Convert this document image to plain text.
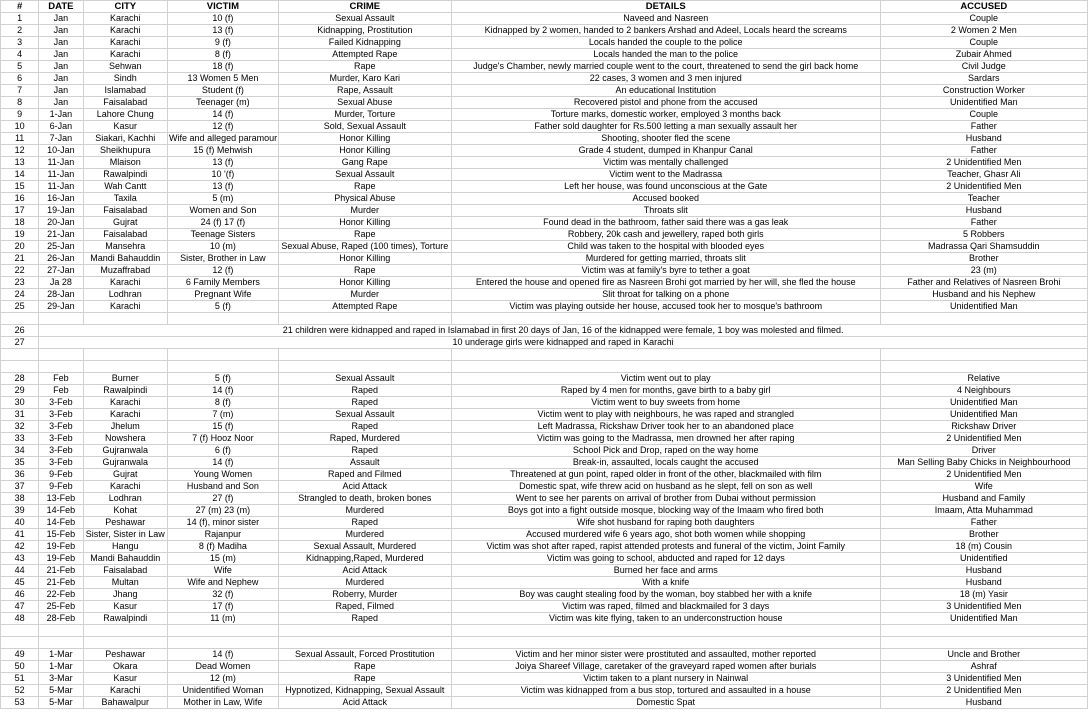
#	DATE	CITY	VICTIM	CRIME	DETAILS	ACCUSED
1	Jan	Karachi	10 (f)	Sexual Assault	Naveed and Nasreen	Couple
2	Jan	Karachi	13 (f)	Kidnapping, Prostitution	Kidnapped by 2 women, handed to 2 bankers Arshad and Adeel, Locals heard the screams	2 Women 2 Men
3	Jan	Karachi	9 (f)	Failed Kidnapping	Locals handed the couple to the police	Couple
4	Jan	Karachi	8 (f)	Attempted Rape	Locals handed the man to the police	Zubair Ahmed
5	Jan	Sehwan	18 (f)	Rape	Judge's Chamber, newly married couple went to the court, threatened to send the girl back home	Civil Judge
6	Jan	Sindh	13 Women 5 Men	Murder, Karo Kari	22 cases, 3 women and 3 men injured	Sardars
7	Jan	Islamabad	Student (f)	Rape, Assault	An educational Institution	Construction Worker
8	Jan	Faisalabad	Teenager (m)	Sexual Abuse	Recovered pistol and phone from the accused	Unidentified Man
9	1-Jan	Lahore Chung	14 (f)	Murder, Torture	Torture marks, domestic worker, employed 3 months back	Couple
10	6-Jan	Kasur	12 (f)	Sold, Sexual Assault	Father sold daughter for Rs.500 letting a man sexually assault her	Father
11	7-Jan	Siakari, Kachhi	Wife and alleged paramour	Honor Killing	Shooting, shooter fled the scene	Husband
12	10-Jan	Sheikhupura	15 (f) Mehwish	Honor Killing	Grade 4 student, dumped in Khanpur Canal	Father
13	11-Jan	Mlaison	13 (f)	Gang Rape	Victim was mentally challenged	2 Unidentified Men
14	11-Jan	Rawalpindi	10 '(f)	Sexual Assault	Victim went to the Madrassa	Teacher, Ghasr Ali
15	11-Jan	Wah Cantt	13 (f)	Rape	Left her house, was found unconscious at the Gate	2 Unidentified Men
16	16-Jan	Taxila	5 (m)	Physical Abuse	Accused booked	Teacher
17	19-Jan	Faisalabad	Women and Son	Murder	Throats slit	Husband
18	20-Jan	Gujrat	24 (f) 17 (f)	Honor Killing	Found dead in the bathroom, father said there was a gas leak	Father
19	21-Jan	Faisalabad	Teenage Sisters	Rape	Robbery, 20k cash and jewellery, raped both girls	5 Robbers
20	25-Jan	Mansehra	10 (m)	Sexual Abuse, Raped (100 times), Torture	Child was taken to the hospital with blooded eyes	Madrassa Qari Shamsuddin
21	26-Jan	Mandi Bahauddin	Sister, Brother in Law	Honor Killing	Murdered for getting married, throats slit	Brother
22	27-Jan	Muzaffrabad	12 (f)	Rape	Victim was at family's byre to tether a goat	23 (m)
23	Ja 28	Karachi	6 Family Members	Honor Killing	Entered the house and opened fire as Nasreen Brohi got married by her will, she fled the house	Father and Relatives of Nasreen Brohi
24	28-Jan	Lodhran	Pregnant Wife	Murder	Slit throat for talking on a phone	Husband and his Nephew
25	29-Jan	Karachi	5 (f)	Attempted Rape	Victim was playing outside her house, accused took her to mosque's bathroom	Unidentified Man

26	21 children were kidnapped and raped in Islamabad in first 20 days of Jan, 16 of the kidnapped were female, 1 boy was molested and filmed.					
27	10 underage girls were kidnapped and raped in Karachi					

28	Feb	Burner	5 (f)	Sexual Assault	Victim went out to play	Relative
29	Feb	Rawalpindi	14 (f)	Raped	Raped by 4 men for months, gave birth to a baby girl	4 Neighbours
30	3-Feb	Karachi	8 (f)	Raped	Victim went to buy sweets from home	Unidentified Man
31	3-Feb	Karachi	7 (m)	Sexual Assault	Victim went to play with neighbours, he was raped and strangled	Unidentified Man
32	3-Feb	Jhelum	15 (f)	Raped	Left Madrassa, Rickshaw Driver took her to an abandoned place	Rickshaw Driver
33	3-Feb	Nowshera	7 (f) Hooz Noor	Raped, Murdered	Victim was going to the Madrassa, men drowned her after raping	2 Unidentified Men
34	3-Feb	Gujranwala	6 (f)	Raped	School Pick and Drop, raped on the way home	Driver
35	3-Feb	Gujranwala	14 (f)	Assault	Break-in, assaulted, locals caught the accused	Man Selling Baby Chicks in Neighbourhood
36	9-Feb	Gujrat	Young Women	Raped and Filmed	Threatened at gun point, raped older in front of the other, blackmailed with film	2 Unidentified Men
37	9-Feb	Karachi	Husband and Son	Acid Attack	Domestic spat, wife threw acid on husband as he slept, fell on son as well	Wife
38	13-Feb	Lodhran	27 (f)	Strangled to death, broken bones	Went to see her parents on arrival of brother from Dubai without permission	Husband and Family
39	14-Feb	Kohat	27 (m) 23 (m)	Murdered	Boys got into a fight outside mosque, blocking way of the Imaam who fired both	Imaam, Atta Muhammad
40	14-Feb	Peshawar	14 (f), minor sister	Raped	Wife shot husband for raping both daughters	Father
41	15-Feb	Sister, Sister in Law	Rajanpur	Murdered	Accused murdered wife 6 years ago, shot both women while shopping	Brother
42	19-Feb	Hangu	8 (f) Madiha	Sexual Assault, Murdered	Victim was shot after raped, rapist attended protests and funeral of the victim, Joint Family	18 (m) Cousin
43	19-Feb	Mandi Bahauddin	15 (m)	Kidnapping,Raped, Murdered	Victim was going to school, abducted and raped for 12 days	Unidentified
44	21-Feb	Faisalabad	Wife	Acid Attack	Burned her face and arms	Husband
45	21-Feb	Multan	Wife and Nephew	Murdered	With a knife	Husband
46	22-Feb	Jhang	32 (f)	Roberry, Murder	Boy was caught stealing food by the woman, boy stabbed her with a knife	18 (m) Yasir
47	25-Feb	Kasur	17 (f)	Raped, Filmed	Victim was raped, filmed and blackmailed for 3 days	3 Unidentified Men
48	28-Feb	Rawalpindi	11 (m)	Raped	Victim was kite flying, taken to an underconstruction house	Unidentified Man

49	1-Mar	Peshawar	14 (f)	Sexual Assault, Forced Prostitution	Victim and her minor sister were prostituted and assaulted, mother reported	Uncle and Brother
50	1-Mar	Okara	Dead Women	Rape	Joiya Shareef Village, caretaker of the graveyard raped women after burials	Ashraf
51	3-Mar	Kasur	12 (m)	Rape	Victim taken to a plant nursery in Nainwal	3 Unidentified Men
52	5-Mar	Karachi	Unidentified Woman	Hypnotized, Kidnapping, Sexual Assault	Victim was kidnapped from a bus stop, tortured and assaulted in a house	2 Unidentified Men
53	5-Mar	Bahawalpur	Mother in Law, Wife	Acid Attack	Domestic Spat	Husband
